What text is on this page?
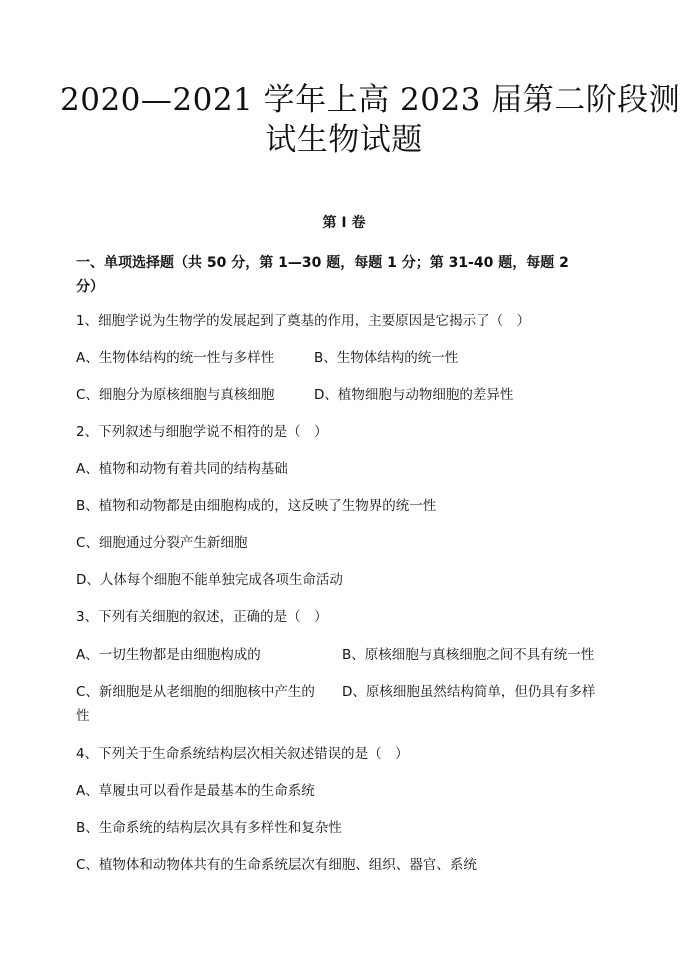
2020—2021 学年上高 2023 届第二阶段测
试生物试题
第 I 卷
一、单项选择题（共 50 分，第 1—30 题，每题 1 分；第 31-40 题，每题 2
分）
1、细胞学说为生物学的发展起到了奠基的作用，主要原因是它揭示了（　）
A、生物体结构的统一性与多样性	B、生物体结构的统一性
C、细胞分为原核细胞与真核细胞	D、植物细胞与动物细胞的差异性
2、下列叙述与细胞学说不相符的是（　）
A、植物和动物有着共同的结构基础
B、植物和动物都是由细胞构成的，这反映了生物界的统一性
C、细胞通过分裂产生新细胞
D、人体每个细胞不能单独完成各项生命活动
3、下列有关细胞的叙述，正确的是（　）
A、一切生物都是由细胞构成的	B、原核细胞与真核细胞之间不具有统一性
C、新细胞是从老细胞的细胞核中产生的 D、原核细胞虽然结构简单，但仍具有多样
性
4、下列关于生命系统结构层次相关叙述错误的是（　）
A、草履虫可以看作是最基本的生命系统
B、生命系统的结构层次具有多样性和复杂性
C、植物体和动物体共有的生命系统层次有细胞、组织、器官、系统
